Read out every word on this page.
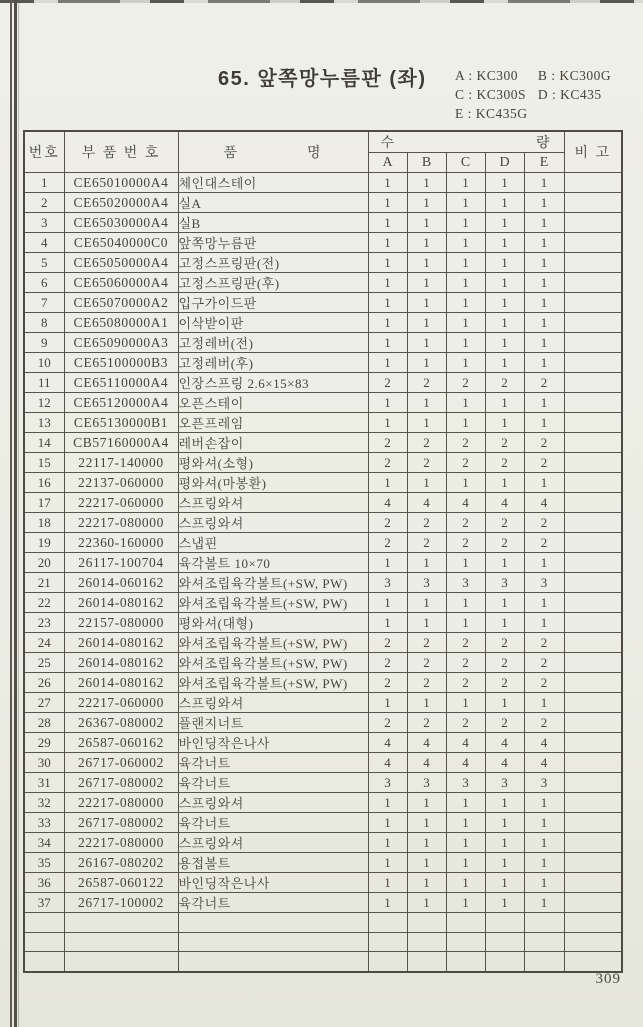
65. 앞쪽망누름판 (좌) A : KC300 B : KC300G
C : KC300S D : KC435
E : KC435G
번호	부 품 번 호	품 명	수 량					비 고
			A	B	C	D	E	
1	CE65010000A4	체인대스테이	1	1	1	1	1	
2	CE65020000A4	실A	1	1	1	1	1	
3	CE65030000A4	실B	1	1	1	1	1	
4	CE65040000C0	앞쪽망누름판	1	1	1	1	1	
5	CE65050000A4	고정스프링판(전)	1	1	1	1	1	
6	CE65060000A4	고정스프링판(후)	1	1	1	1	1	
7	CE65070000A2	입구가이드판	1	1	1	1	1	
8	CE65080000A1	이삭받이판	1	1	1	1	1	
9	CE65090000A3	고정레버(전)	1	1	1	1	1	
10	CE65100000B3	고정레버(후)	1	1	1	1	1	
11	CE65110000A4	인장스프링 2.6×15×83	2	2	2	2	2	
12	CE65120000A4	오픈스테이	1	1	1	1	1	
13	CE65130000B1	오픈프레임	1	1	1	1	1	
14	CB57160000A4	레버손잡이	2	2	2	2	2	
15	22117-140000	평와셔(소형)	2	2	2	2	2	
16	22137-060000	평와셔(마봉환)	1	1	1	1	1	
17	22217-060000	스프링와셔	4	4	4	4	4	
18	22217-080000	스프링와셔	2	2	2	2	2	
19	22360-160000	스냅핀	2	2	2	2	2	
20	26117-100704	육각볼트 10×70	1	1	1	1	1	
21	26014-060162	와셔조립육각볼트(+SW, PW)	3	3	3	3	3	
22	26014-080162	와셔조립육각볼트(+SW, PW)	1	1	1	1	1	
23	22157-080000	평와셔(대형)	1	1	1	1	1	
24	26014-080162	와셔조립육각볼트(+SW, PW)	2	2	2	2	2	
25	26014-080162	와셔조립육각볼트(+SW, PW)	2	2	2	2	2	
26	26014-080162	와셔조립육각볼트(+SW, PW)	2	2	2	2	2	
27	22217-060000	스프링와셔	1	1	1	1	1	
28	26367-080002	플랜지너트	2	2	2	2	2	
29	26587-060162	바인딩작은나사	4	4	4	4	4	
30	26717-060002	육각너트	4	4	4	4	4	
31	26717-080002	육각너트	3	3	3	3	3	
32	22217-080000	스프링와셔	1	1	1	1	1	
33	26717-080002	육각너트	1	1	1	1	1	
34	22217-080000	스프링와셔	1	1	1	1	1	
35	26167-080202	용접볼트	1	1	1	1	1	
36	26587-060122	바인딩작은나사	1	1	1	1	1	
37	26717-100002	육각너트	1	1	1	1	1	

309
